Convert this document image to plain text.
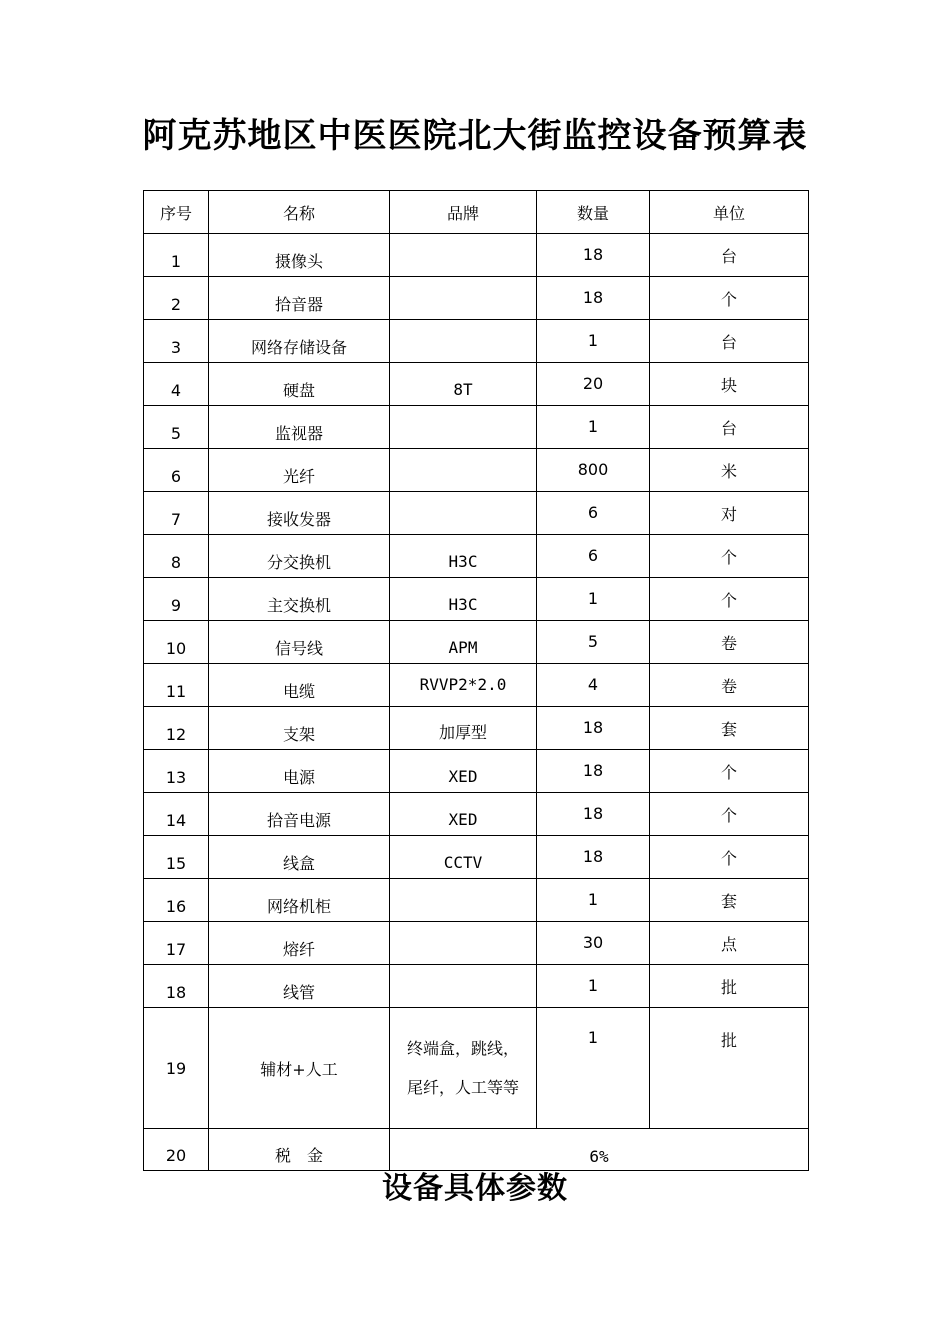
阿克苏地区中医医院北大街监控设备预算表
序号	名称	品牌	数量	单位
1	摄像头		18	台
2	拾音器		18	个
3	网络存储设备		1	台
4	硬盘	8T	20	块
5	监视器		1	台
6	光纤		800	米
7	接收发器		6	对
8	分交换机	H3C	6	个
9	主交换机	H3C	1	个
10	信号线	APM	5	卷
11	电缆	RVVP2*2.0	4	卷
12	支架	加厚型	18	套
13	电源	XED	18	个
14	拾音电源	XED	18	个
15	线盒	CCTV	18	个
16	网络机柜		1	套
17	熔纤		30	点
18	线管		1	批
19	辅材+人工	终端盒，跳线，尾纤，人工等等	1	批
20	税　金	6%		
设备具体参数
